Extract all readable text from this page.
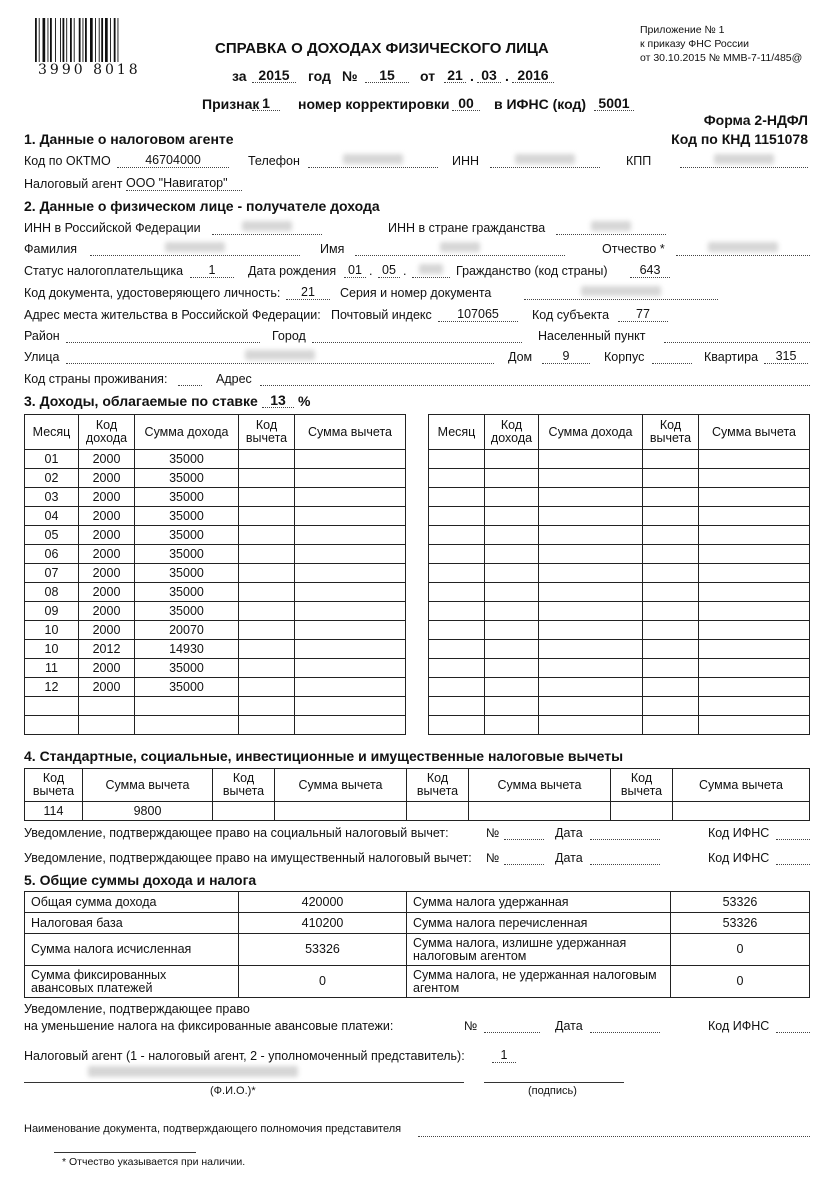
3990 8018
Приложение № 1
к приказу ФНС России
от 30.10.2015 № ММВ-7-11/485@
СПРАВКА О ДОХОДАХ ФИЗИЧЕСКОГО ЛИЦА
за 2015	год №	15	от 21 . 03 . 2016
Признак 1	номер корректировки 00	в ИФНС (код) 5001
Форма 2-НДФЛ
Код по КНД 1151078
1. Данные о налоговом агенте
Код по ОКТМО	46704000	Телефон	ИНН	КПП
Налоговый агент ООО "Навигатор"
2. Данные о физическом лице - получателе дохода
ИНН в Российской Федерации	ИНН в стране гражданства
Фамилия	Имя	Отчество *
Статус налогоплательщика	1	Дата рождения 01 . 05 .	Гражданство (код страны)	643
Код документа, удостоверяющего личность:	21	Серия и номер документа
Адрес места жительства в Российской Федерации: Почтовый индекс	107065	Код субъекта	77
Район	Город	Населенный пункт
Улица	Дом	9	Корпус	Квартира	315
Код страны проживания:	Адрес
3. Доходы, облагаемые по ставке 13 %
Месяц	Код дохода	Сумма дохода	Код вычета	Сумма вычета
01	2000	35000		
02	2000	35000		
03	2000	35000		
04	2000	35000		
05	2000	35000		
06	2000	35000		
07	2000	35000		
08	2000	35000		
09	2000	35000		
10	2000	20070		
10	2012	14930		
11	2000	35000		
12	2000	35000		

Месяц	Код дохода	Сумма дохода	Код вычета	Сумма вычета

4. Стандартные, социальные, инвестиционные и имущественные налоговые вычеты
Код вычета	Сумма вычета	Код вычета	Сумма вычета	Код вычета	Сумма вычета	Код вычета	Сумма вычета
114	9800						
Уведомление, подтверждающее право на социальный налоговый вычет:	№	Дата	Код ИФНС
Уведомление, подтверждающее право на имущественный налоговый вычет: №	Дата	Код ИФНС
5. Общие суммы дохода и налога
Общая сумма дохода	420000	Сумма налога удержанная	53326
Налоговая база	410200	Сумма налога перечисленная	53326
Сумма налога исчисленная	53326	Сумма налога, излишне удержанная налоговым агентом	0
Сумма фиксированных авансовых платежей	0	Сумма налога, не удержанная налоговым агентом	0
Уведомление, подтверждающее право
на уменьшение налога на фиксированные авансовые платежи:	№	Дата	Код ИФНС
Налоговый агент (1 - налоговый агент, 2 - уполномоченный представитель):	1
(Ф.И.О.)*	(подпись)
Наименование документа, подтверждающего полномочия представителя
* Отчество указывается при наличии.
